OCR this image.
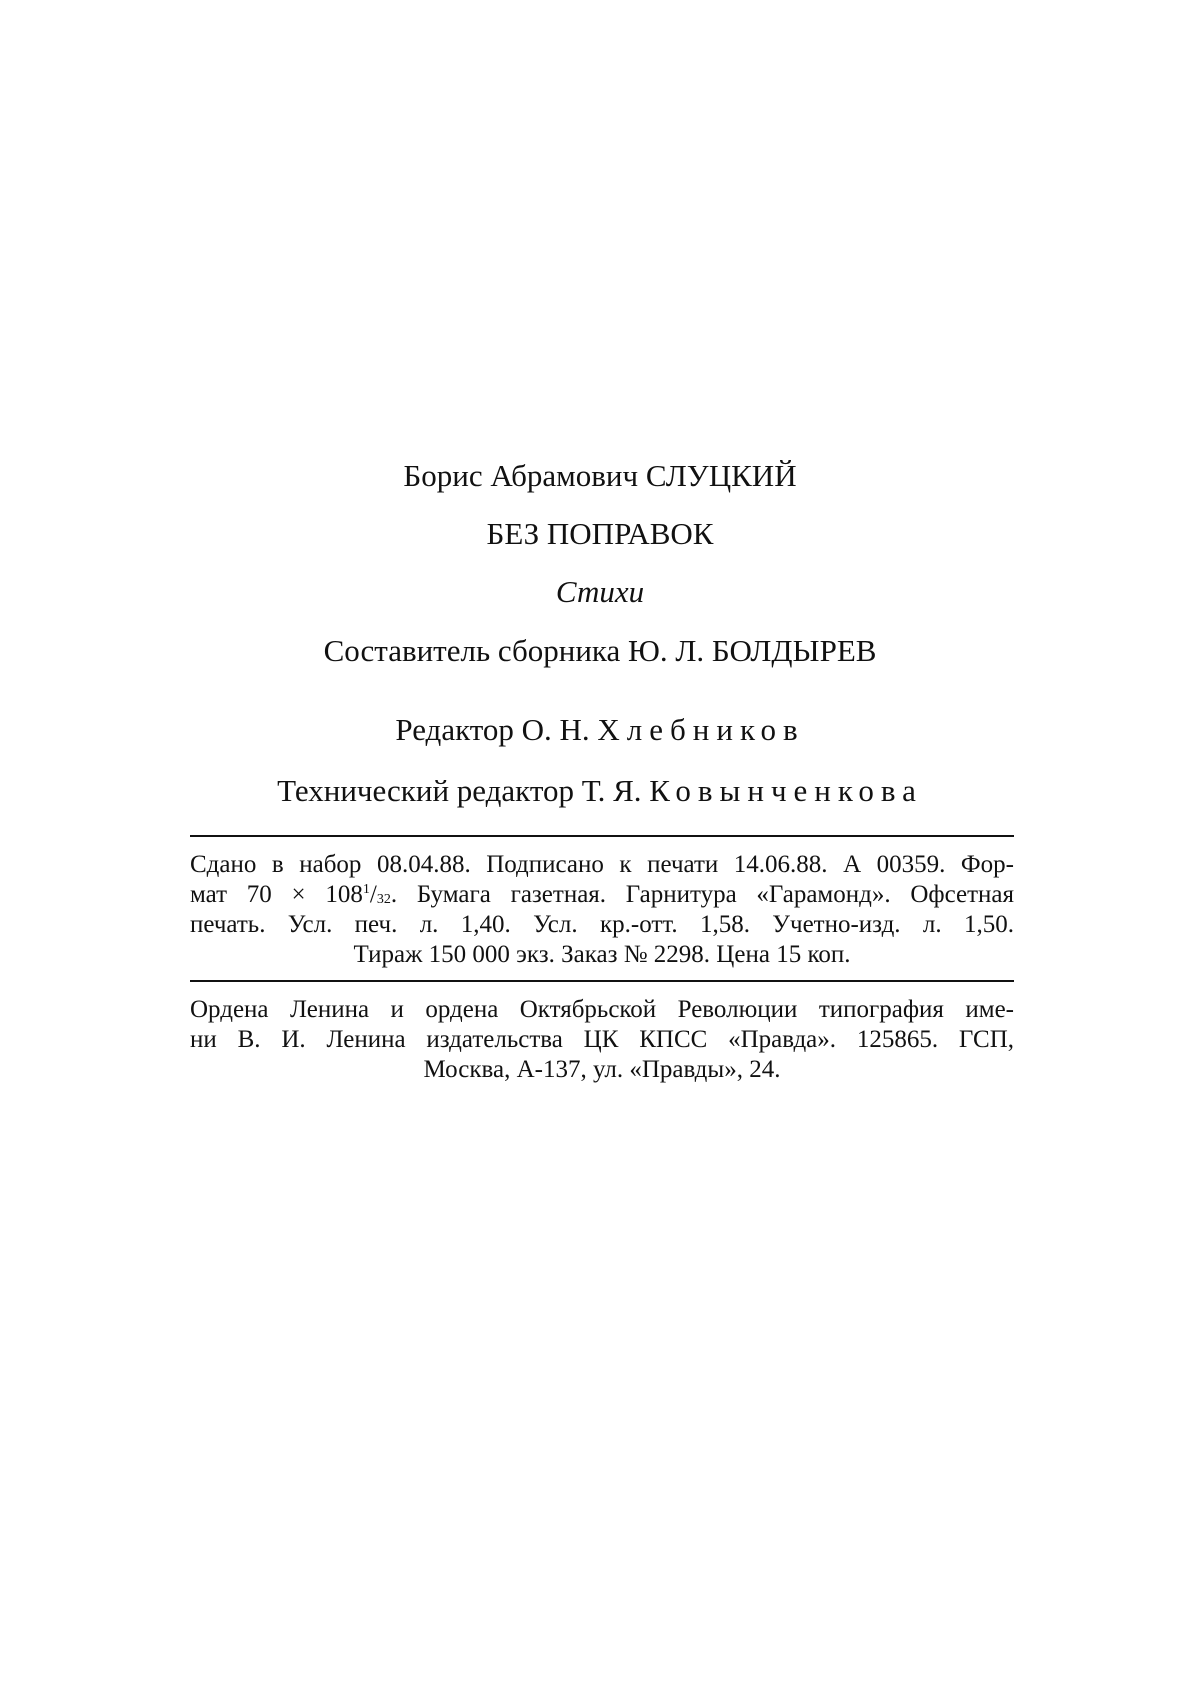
Борис Абрамович СЛУЦКИЙ
БЕЗ ПОПРАВОК
Стихи
Составитель сборника Ю. Л. БОЛДЫРЕВ
Редактор О. Н. Хлебников
Технический редактор Т. Я. Ковынченкова
Сдано в набор 08.04.88. Подписано к печати 14.06.88. А 00359. Фор-
мат $70 \times 108^1/_{32}$. Бумага газетная. Гарнитура «Гарамонд». Офсетная
печать. Усл. печ. л. 1,40. Усл. кр.-отт. 1,58. Учетно-изд. л. 1,50.
Тираж 150 000 экз. Заказ № 2298. Цена 15 коп.
Ордена Ленина и ордена Октябрьской Революции типография име-
ни В. И. Ленина издательства ЦК КПСС «Правда». 125865. ГСП,
Москва, А-137, ул. «Правды», 24.
